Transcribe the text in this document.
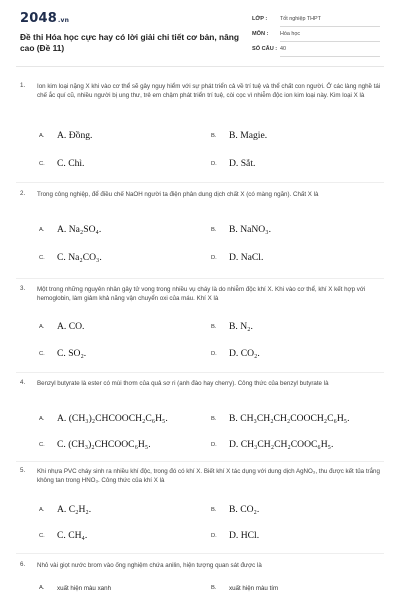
2048.vn
Đề thi Hóa học cực hay có lời giải chi tiết cơ bản, nâng cao (Đề 11)
LỚP : Tốt nghiệp THPT
MÔN : Hóa học
SỐ CÂU : 40
1. Ion kim loại nặng X khi vào cơ thể sẽ gây nguy hiểm với sự phát triển cả về trí tuệ và thể chất con người. Ở các làng nghề tái chế ắc quí cũ, nhiều người bị ung thư, trẻ em chậm phát triển trí tuệ, còi cọc vì nhiễm độc ion kim loại này. Kim loại X là
A. A. Đồng.	B. B. Magie.
C. C. Chì.	D. D. Sắt.
2. Trong công nghiệp, để điều chế NaOH người ta điện phân dung dịch chất X (có màng ngăn). Chất X là
A. A. Na₂SO₄.	B. B. NaNO₃.
C. C. Na₂CO₃.	D. D. NaCl.
3. Một trong những nguyên nhân gây tử vong trong nhiều vụ cháy là do nhiễm độc khí X. Khi vào cơ thể, khí X kết hợp với hemoglobin, làm giảm khả năng vận chuyển oxi của máu. Khí X là
A. A. CO.	B. B. N₂.
C. C. SO₂.	D. D. CO₂.
4. Benzyl butyrate là ester có mùi thơm của quả sơ ri (anh đào hay cherry). Công thức của benzyl butyrate là
A. A. (CH₃)₂CHCOOCH₂C₆H₅.	B. B. CH₃CH₂CH₂COOCH₂C₆H₅.
C. C. (CH₃)₂CHCOOC₆H₅.	D. D. CH₃CH₂CH₂COOC₆H₅.
5. Khi nhựa PVC cháy sinh ra nhiều khí độc, trong đó có khí X. Biết khí X tác dụng với dung dịch AgNO₃, thu được kết tủa trắng không tan trong HNO₃. Công thức của khí X là
A. A. C₂H₂.	B. B. CO₂.
C. C. CH₄.	D. D. HCl.
6. Nhỏ vài giọt nước brom vào ống nghiệm chứa anilin, hiện tượng quan sát được là
A. xuất hiện màu xanh	B. xuất hiện màu tím
